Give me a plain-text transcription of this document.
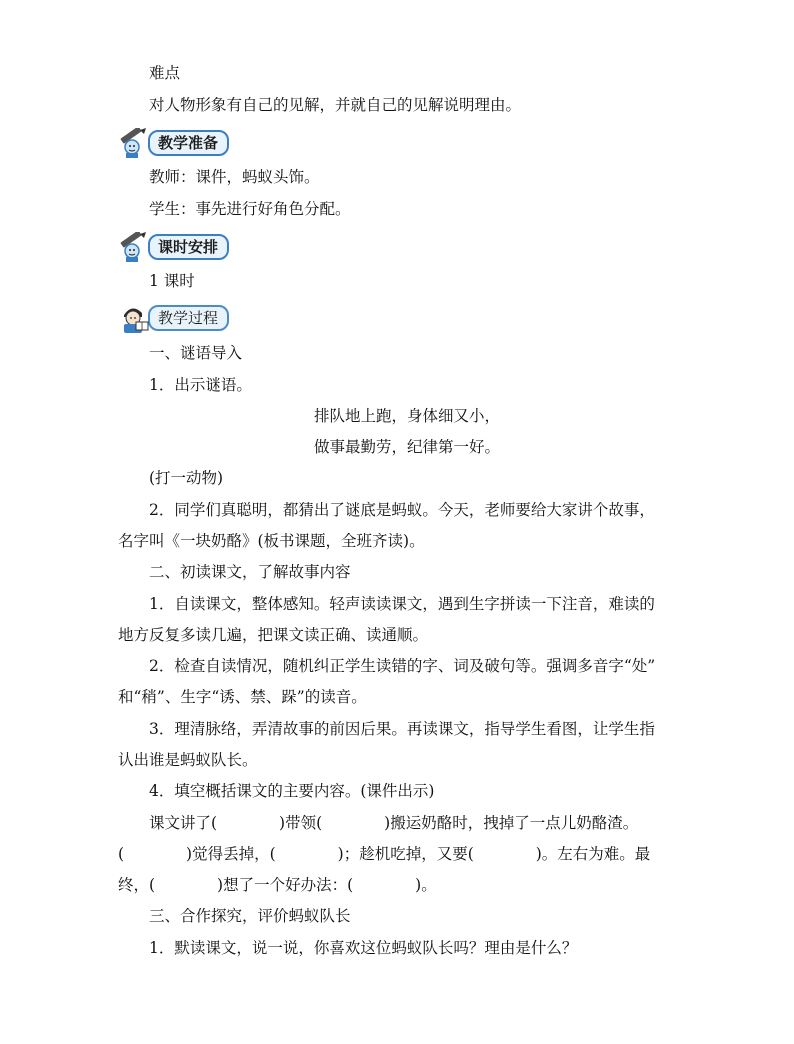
难点
对人物形象有自己的见解，并就自己的见解说明理由。
教学准备
教师：课件，蚂蚁头饰。
学生：事先进行好角色分配。
课时安排
1 课时
教学过程
一、谜语导入
1．出示谜语。
排队地上跑，身体细又小，
做事最勤劳，纪律第一好。
(打一动物)
2．同学们真聪明，都猜出了谜底是蚂蚁。今天，老师要给大家讲个故事，
名字叫《一块奶酪》(板书课题，全班齐读)。
二、初读课文，了解故事内容
1．自读课文，整体感知。轻声读读课文，遇到生字拼读一下注音，难读的
地方反复多读几遍，把课文读正确、读通顺。
2．检查自读情况，随机纠正学生读错的字、词及破句等。强调多音字“处”
和“稍”、生字“诱、禁、跺”的读音。
3．理清脉络，弄清故事的前因后果。再读课文，指导学生看图，让学生指
认出谁是蚂蚁队长。
4．填空概括课文的主要内容。(课件出示)
课文讲了(　　　　)带领(　　　　)搬运奶酪时，拽掉了一点儿奶酪渣。
(　　　　)觉得丢掉，(　　　　)；趁机吃掉，又要(　　　　)。左右为难。最
终，(　　　　)想了一个好办法：(　　　　)。
三、合作探究，评价蚂蚁队长
1．默读课文，说一说，你喜欢这位蚂蚁队长吗？理由是什么？
